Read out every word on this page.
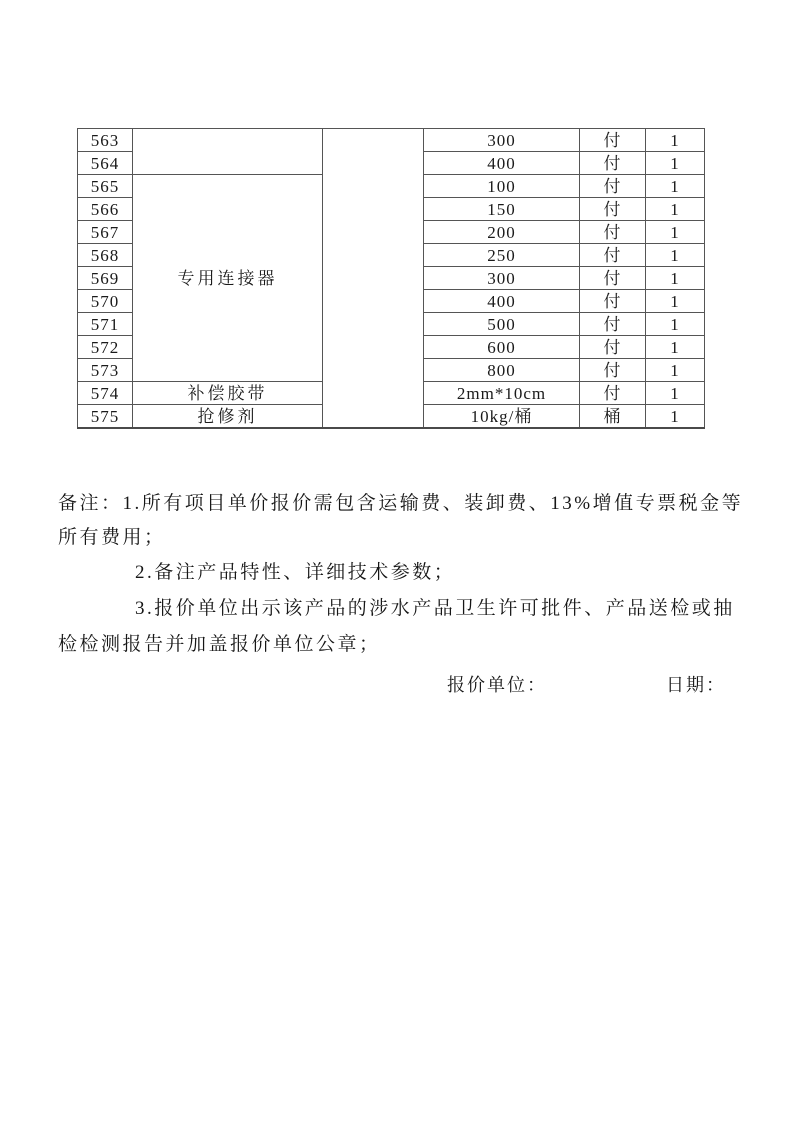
563			300	付	1
564			400	付	1
565	专用连接器		100	付	1
566			150	付	1
567			200	付	1
568			250	付	1
569			300	付	1
570			400	付	1
571			500	付	1
572			600	付	1
573			800	付	1
574	补偿胶带		2mm*10cm	付	1
575	抢修剂		10kg/桶	桶	1
备注：1.所有项目单价报价需包含运输费、装卸费、13%增值专票税金等
所有费用；
2.备注产品特性、详细技术参数；
3.报价单位出示该产品的涉水产品卫生许可批件、产品送检或抽
检检测报告并加盖报价单位公章；
报价单位：	日期：
